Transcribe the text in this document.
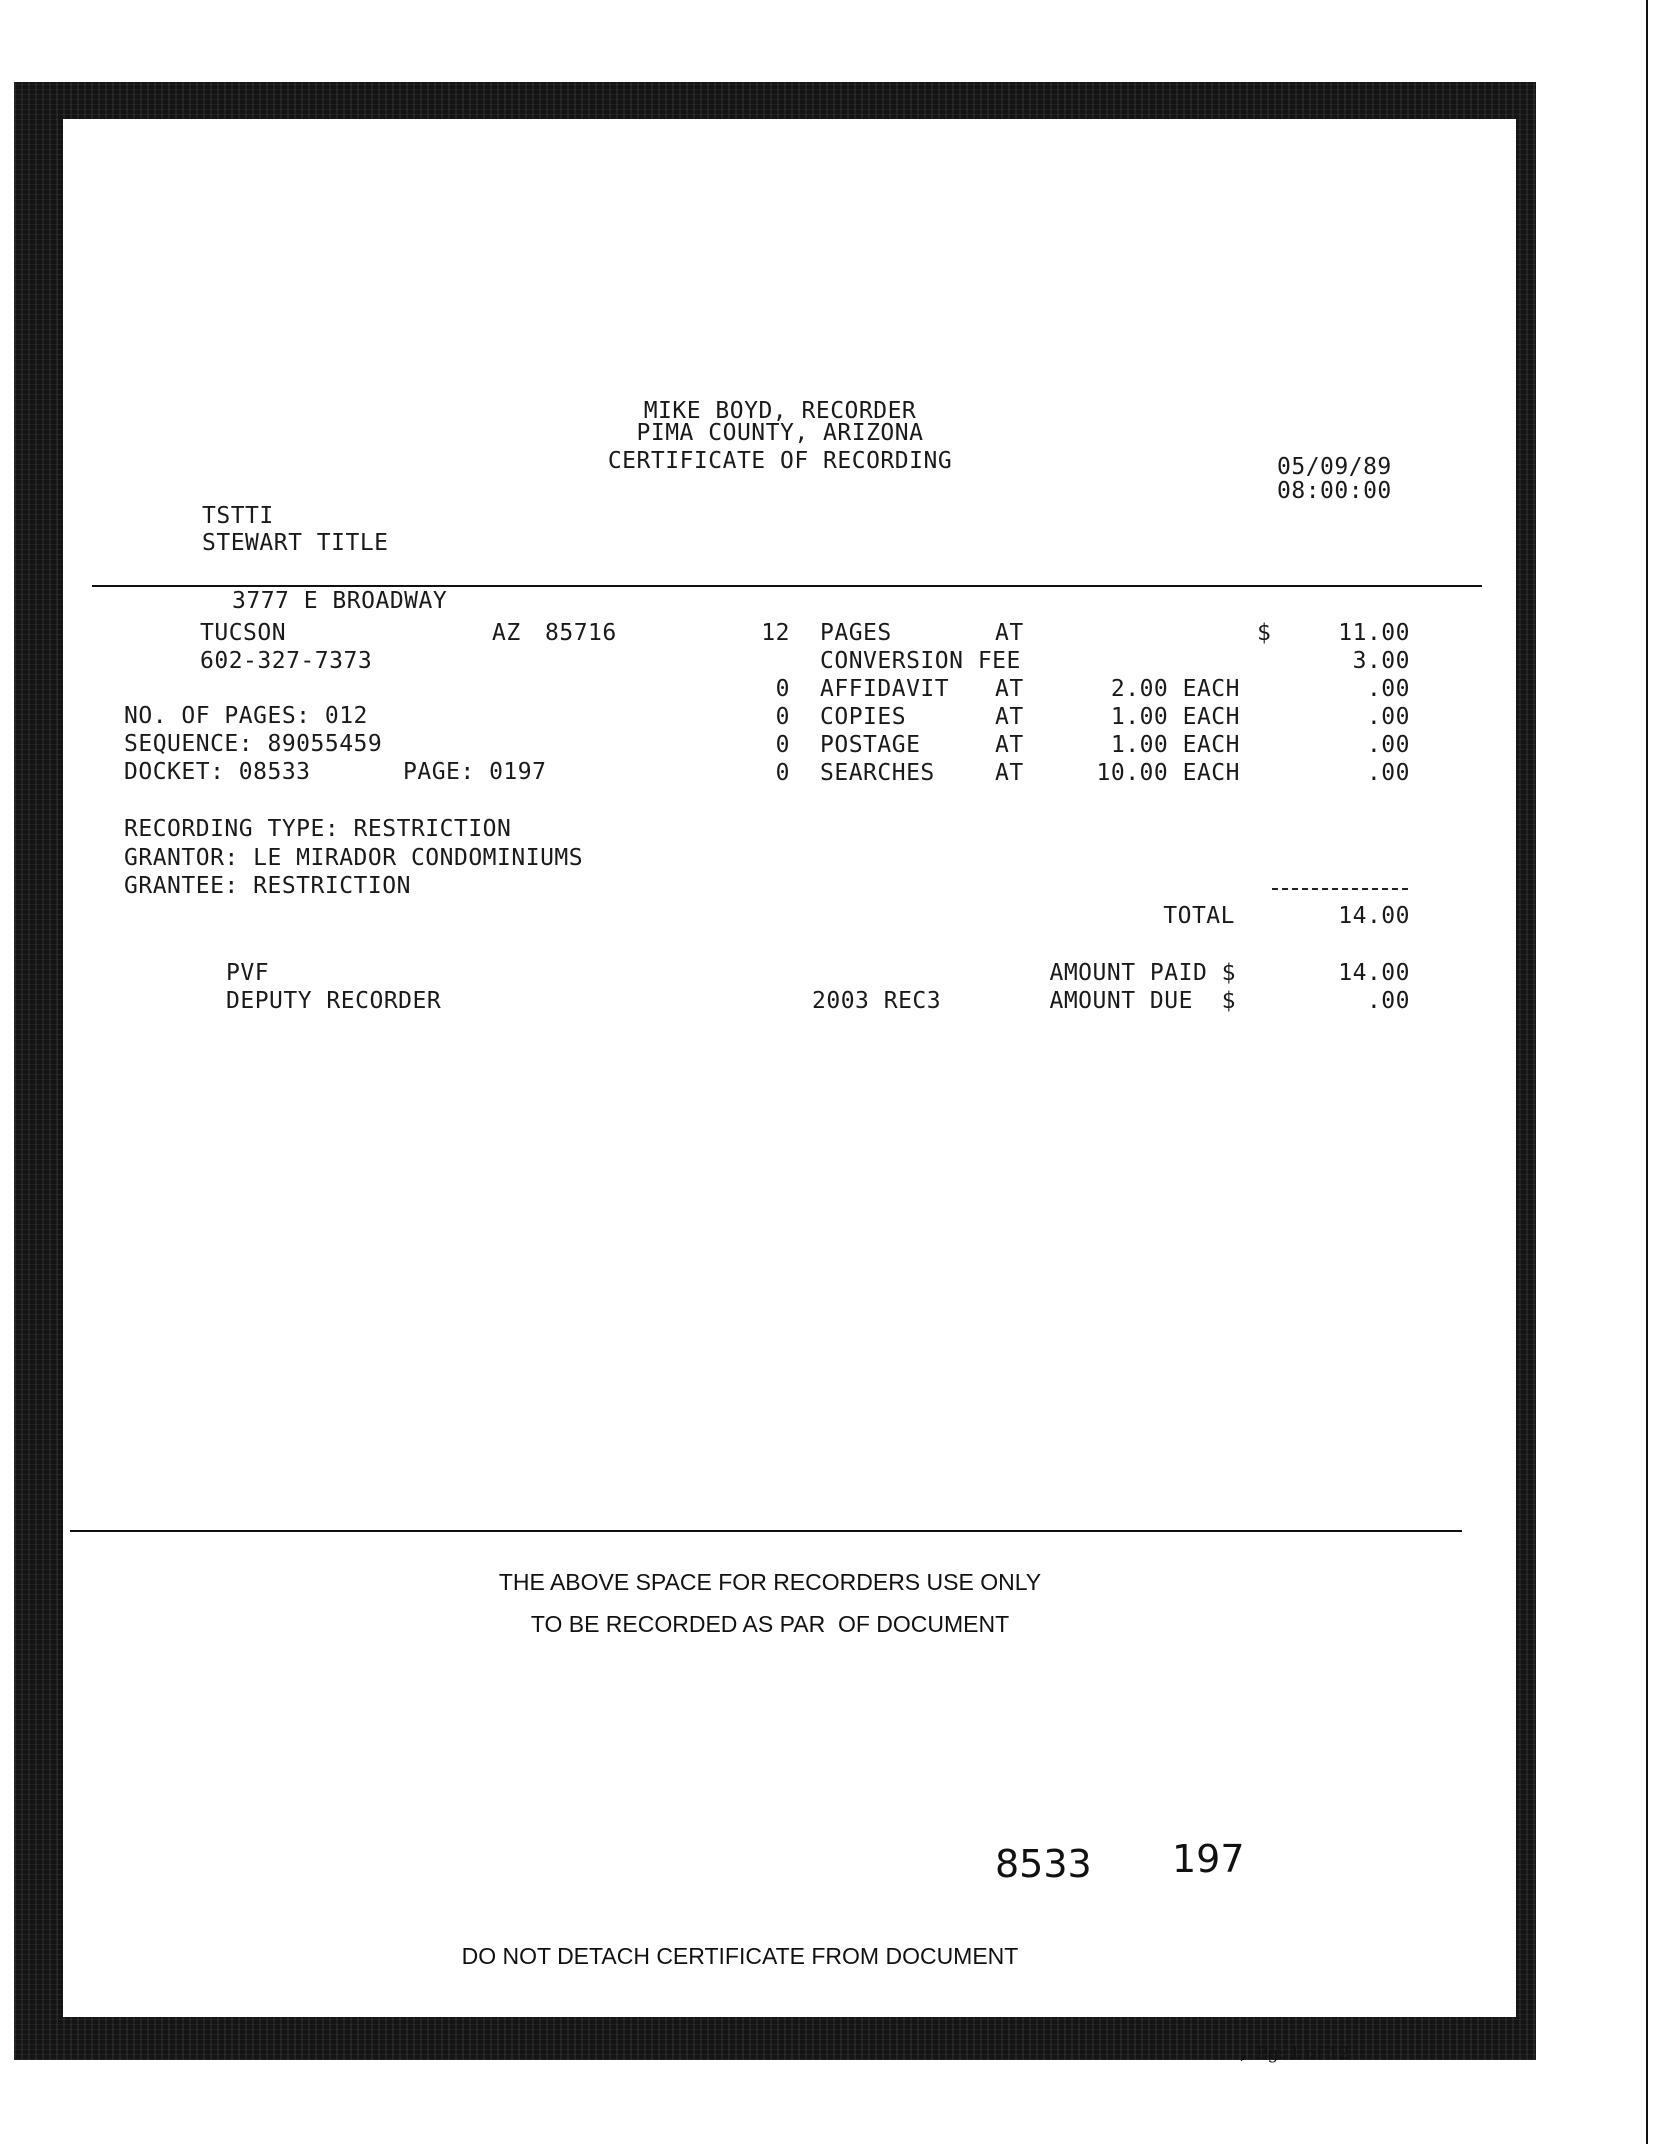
MIKE BOYD, RECORDER
PIMA COUNTY, ARIZONA
CERTIFICATE OF RECORDING	05/09/89
08:00:00
TSTTI
STEWART TITLE
3777 E BROADWAY
TUCSON	AZ 85716
602-327-7373
NO. OF PAGES: 012
SEQUENCE: 89055459
DOCKET: 08533	PAGE: 0197
RECORDING TYPE: RESTRICTION
GRANTOR: LE MIRADOR CONDOMINIUMS
GRANTEE: RESTRICTION
12 PAGES	AT	$	11.00
CONVERSION FEE	3.00
0 AFFIDAVIT AT	2.00 EACH	.00
0 COPIES	AT	1.00 EACH	.00
0 POSTAGE	AT	1.00 EACH	.00
0 SEARCHES	AT	10.00 EACH	.00
TOTAL	14.00
PVF
DEPUTY RECORDER	2003 REC3
AMOUNT PAID $	14.00
AMOUNT DUE  $	.00
THE ABOVE SPACE FOR RECORDERS USE ONLY
TO BE RECORDED AS PAR  OF DOCUMENT
8533 197
DO NOT DETACH CERTIFICATE FROM DOCUMENT
,  Pg: 1 of 12
